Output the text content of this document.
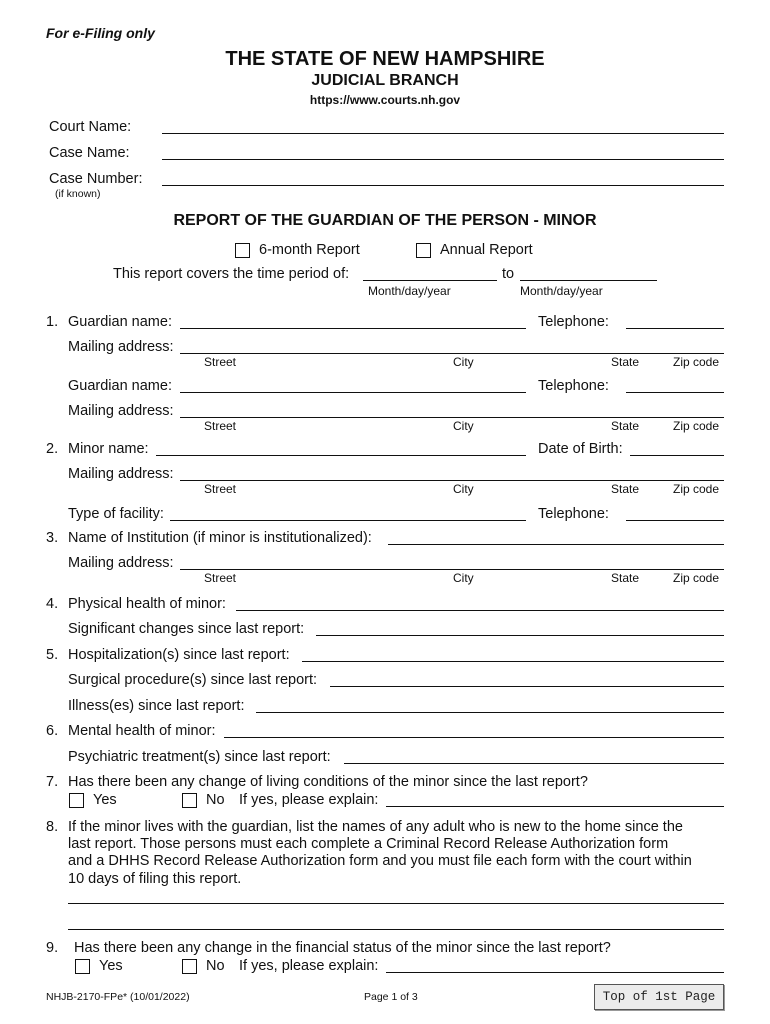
For e-Filing only
THE STATE OF NEW HAMPSHIRE
JUDICIAL BRANCH
https://www.courts.nh.gov
Court Name:
Case Name:
Case Number:
(if known)
REPORT OF THE GUARDIAN OF THE PERSON - MINOR
6-month Report	Annual Report
This report covers the time period of:	to
Month/day/year	Month/day/year
1. Guardian name:	Telephone:
Mailing address:
Street	City	State	Zip code
Guardian name:	Telephone:
Mailing address:
Street	City	State	Zip code
2. Minor name:	Date of Birth:
Mailing address:
Street	City	State	Zip code
Type of facility:	Telephone:
3. Name of Institution (if minor is institutionalized):
Mailing address:
Street	City	State	Zip code
4. Physical health of minor:
Significant changes since last report:
5. Hospitalization(s) since last report:
Surgical procedure(s) since last report:
Illness(es) since last report:
6. Mental health of minor:
Psychiatric treatment(s) since last report:
7. Has there been any change of living conditions of the minor since the last report?
Yes	No If yes, please explain:
8. If the minor lives with the guardian, list the names of any adult who is new to the home since the
last report. Those persons must each complete a Criminal Record Release Authorization form
and a DHHS Record Release Authorization form and you must file each form with the court within
10 days of filing this report.
9. Has there been any change in the financial status of the minor since the last report?
Yes	No If yes, please explain:
NHJB-2170-FPe* (10/01/2022)	Page 1 of 3	Top of 1st Page
